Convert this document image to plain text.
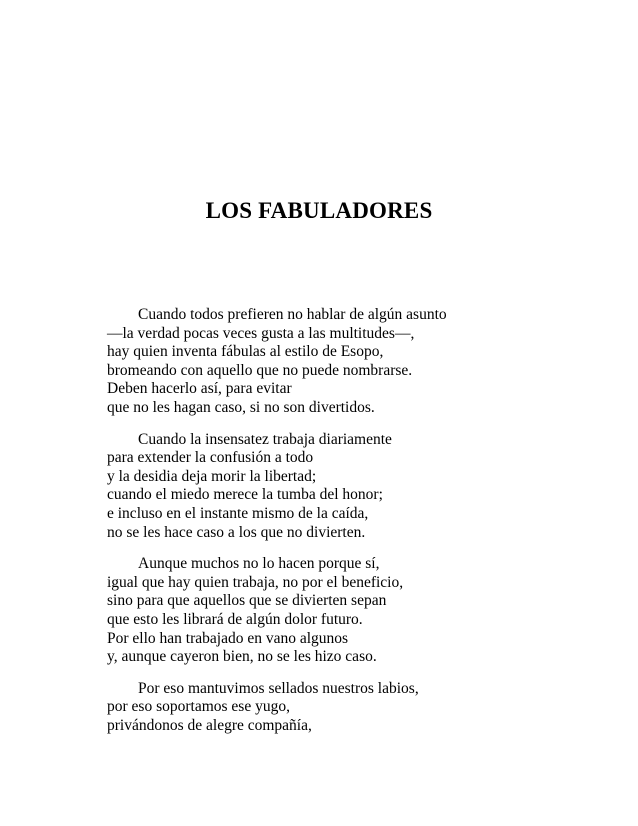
LOS FABULADORES
Cuando todos prefieren no hablar de algún asunto
—la verdad pocas veces gusta a las multitudes—,
hay quien inventa fábulas al estilo de Esopo,
bromeando con aquello que no puede nombrarse.
Deben hacerlo así, para evitar
que no les hagan caso, si no son divertidos.
Cuando la insensatez trabaja diariamente
para extender la confusión a todo
y la desidia deja morir la libertad;
cuando el miedo merece la tumba del honor;
e incluso en el instante mismo de la caída,
no se les hace caso a los que no divierten.
Aunque muchos no lo hacen porque sí,
igual que hay quien trabaja, no por el beneficio,
sino para que aquellos que se divierten sepan
que esto les librará de algún dolor futuro.
Por ello han trabajado en vano algunos
y, aunque cayeron bien, no se les hizo caso.
Por eso mantuvimos sellados nuestros labios,
por eso soportamos ese yugo,
privándonos de alegre compañía,
